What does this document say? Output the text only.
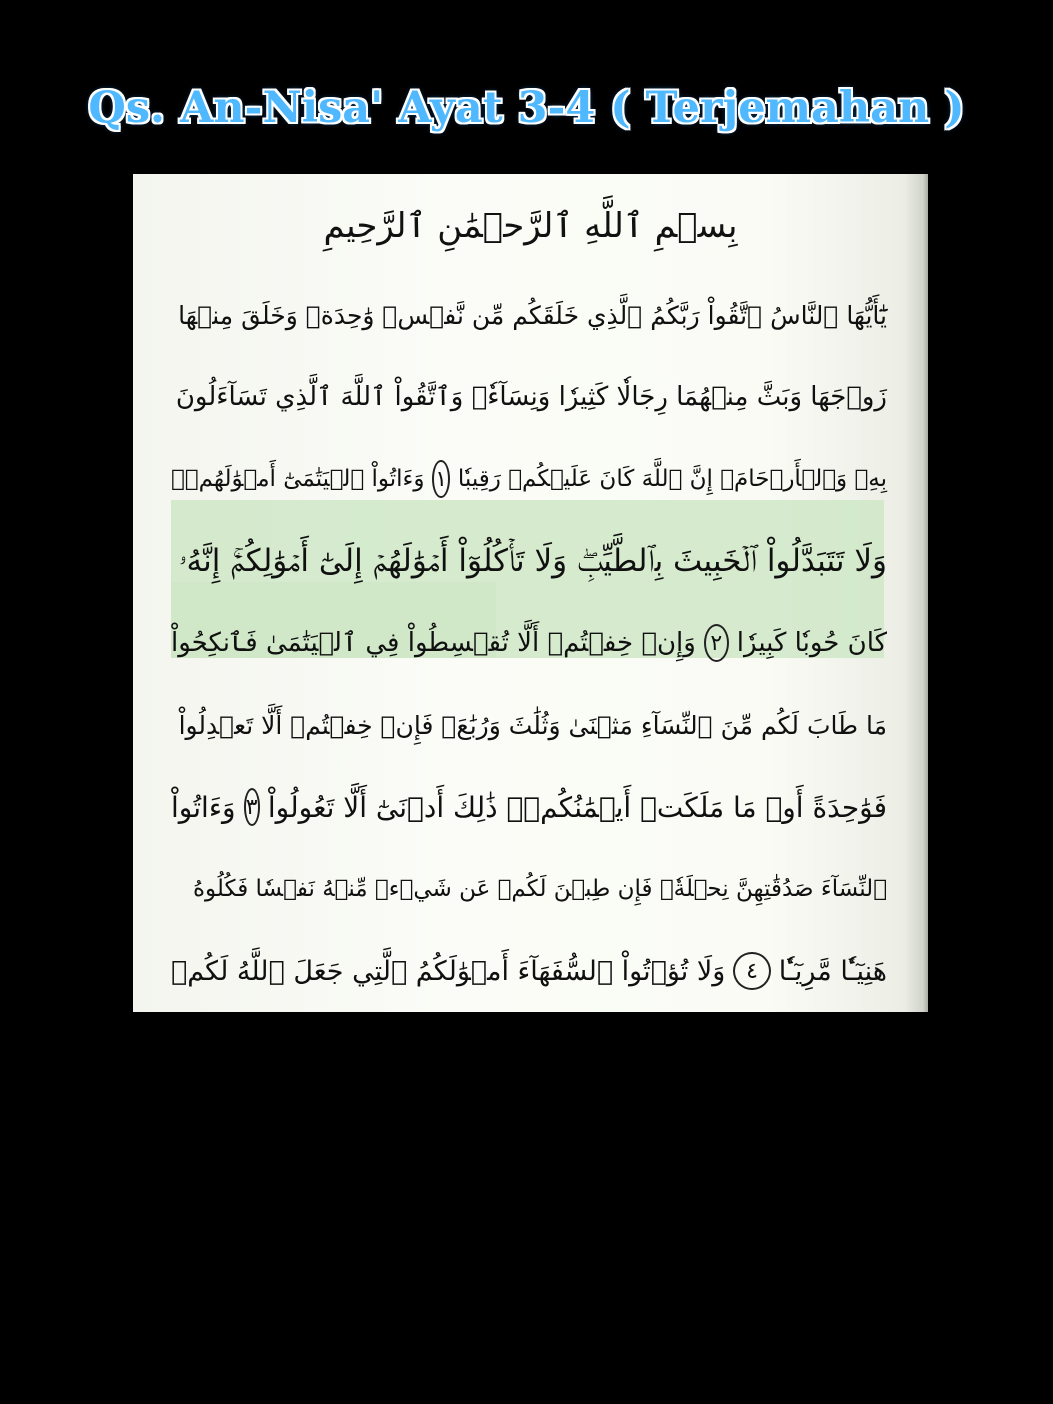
Qs. An-Nisa' Ayat 3-4 ( Terjemahan )
بِسۡمِ ٱللَّهِ ٱلرَّحۡمَٰنِ ٱلرَّحِيمِ
يَٰٓأَيُّهَا ٱلنَّاسُ ٱتَّقُواْ رَبَّكُمُ ٱلَّذِي خَلَقَكُم مِّن نَّفۡسٖ وَٰحِدَةٖ وَخَلَقَ مِنۡهَا
زَوۡجَهَا وَبَثَّ مِنۡهُمَا رِجَالٗا كَثِيرٗا وَنِسَآءٗۚ وَٱتَّقُواْ ٱللَّهَ ٱلَّذِي تَسَآءَلُونَ
بِهِۦ وَٱلۡأَرۡحَامَۚ إِنَّ ٱللَّهَ كَانَ عَلَيۡكُمۡ رَقِيبٗا
١
وَءَاتُواْ ٱلۡيَتَٰمَىٰٓ أَمۡوَٰلَهُمۡۖ
وَلَا تَتَبَدَّلُواْ ٱلۡخَبِيثَ بِٱلطَّيِّبِۖ وَلَا تَأۡكُلُوٓاْ أَمۡوَٰلَهُمۡ إِلَىٰٓ أَمۡوَٰلِكُمۡۚ إِنَّهُۥ
كَانَ حُوبٗا كَبِيرٗا
٢
وَإِنۡ خِفۡتُمۡ أَلَّا تُقۡسِطُواْ فِي ٱلۡيَتَٰمَىٰ فَٱنكِحُواْ
مَا طَابَ لَكُم مِّنَ ٱلنِّسَآءِ مَثۡنَىٰ وَثُلَٰثَ وَرُبَٰعَۖ فَإِنۡ خِفۡتُمۡ أَلَّا تَعۡدِلُواْ
فَوَٰحِدَةً أَوۡ مَا مَلَكَتۡ أَيۡمَٰنُكُمۡۚ ذَٰلِكَ أَدۡنَىٰٓ أَلَّا تَعُولُواْ
٣
وَءَاتُواْ
ٱلنِّسَآءَ صَدُقَٰتِهِنَّ نِحۡلَةٗۚ فَإِن طِبۡنَ لَكُمۡ عَن شَيۡءٖ مِّنۡهُ نَفۡسٗا فَكُلُوهُ
هَنِيٓـٔٗا مَّرِيٓـٔٗا
٤
وَلَا تُؤۡتُواْ ٱلسُّفَهَآءَ أَمۡوَٰلَكُمُ ٱلَّتِي جَعَلَ ٱللَّهُ لَكُمۡ
